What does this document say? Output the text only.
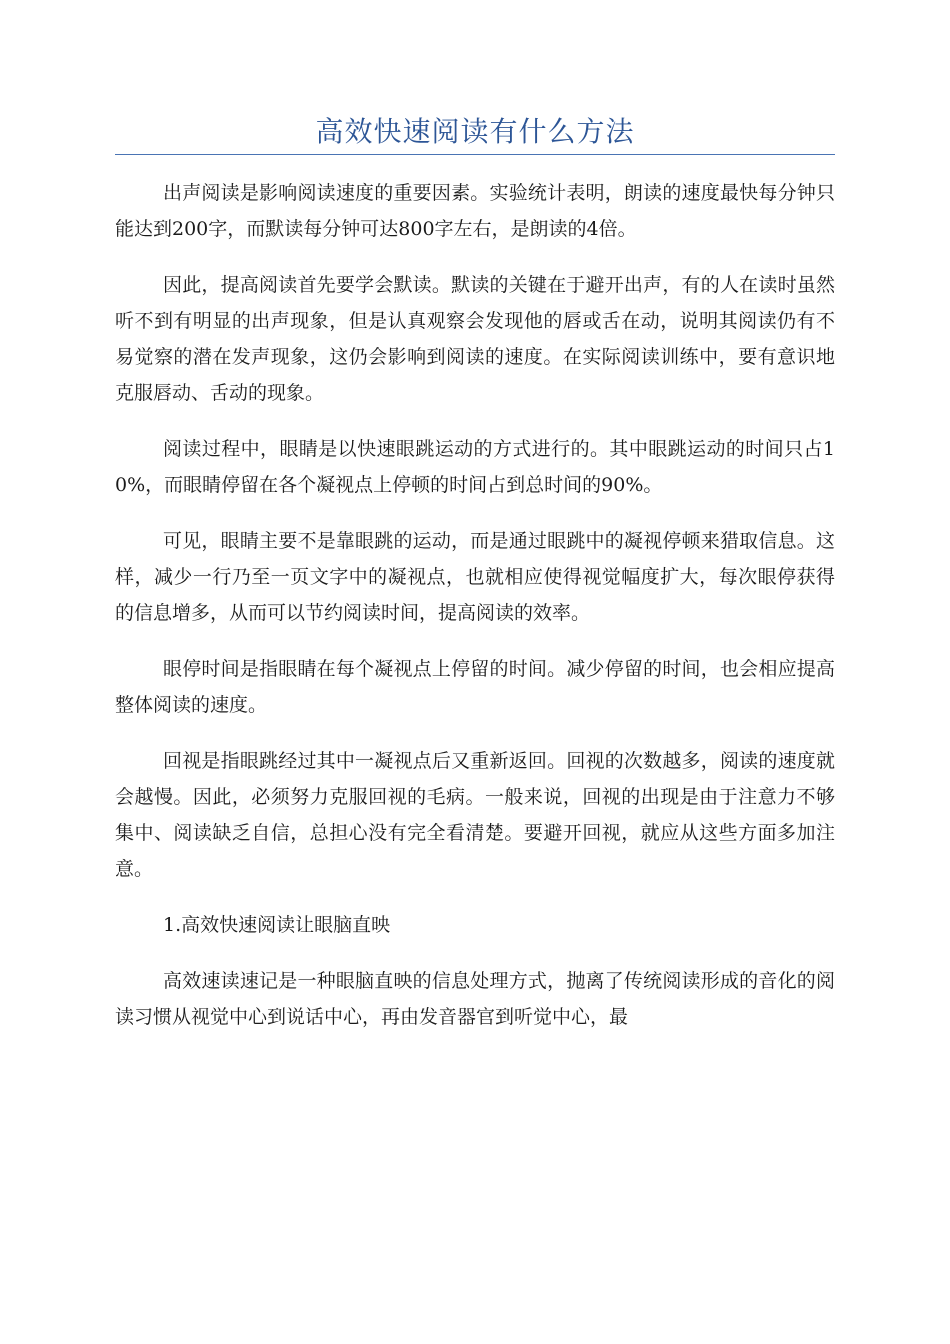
高效快速阅读有什么方法

出声阅读是影响阅读速度的重要因素。实验统计表明，朗读的速度最快每分钟只能达到200字，而默读每分钟可达800字左右，是朗读的4倍。

因此，提高阅读首先要学会默读。默读的关键在于避开出声，有的人在读时虽然听不到有明显的出声现象，但是认真观察会发现他的唇或舌在动，说明其阅读仍有不易觉察的潜在发声现象，这仍会影响到阅读的速度。在实际阅读训练中，要有意识地克服唇动、舌动的现象。

阅读过程中，眼睛是以快速眼跳运动的方式进行的。其中眼跳运动的时间只占10%，而眼睛停留在各个凝视点上停顿的时间占到总时间的90%。

可见，眼睛主要不是靠眼跳的运动，而是通过眼跳中的凝视停顿来猎取信息。这样，减少一行乃至一页文字中的凝视点，也就相应使得视觉幅度扩大，每次眼停获得的信息增多，从而可以节约阅读时间，提高阅读的效率。

眼停时间是指眼睛在每个凝视点上停留的时间。减少停留的时间，也会相应提高整体阅读的速度。

回视是指眼跳经过其中一凝视点后又重新返回。回视的次数越多，阅读的速度就会越慢。因此，必须努力克服回视的毛病。一般来说，回视的出现是由于注意力不够集中、阅读缺乏自信，总担心没有完全看清楚。要避开回视，就应从这些方面多加注意。

1.高效快速阅读让眼脑直映

高效速读速记是一种眼脑直映的信息处理方式，抛离了传统阅读形成的音化的阅读习惯从视觉中心到说话中心，再由发音器官到听觉中心，最
